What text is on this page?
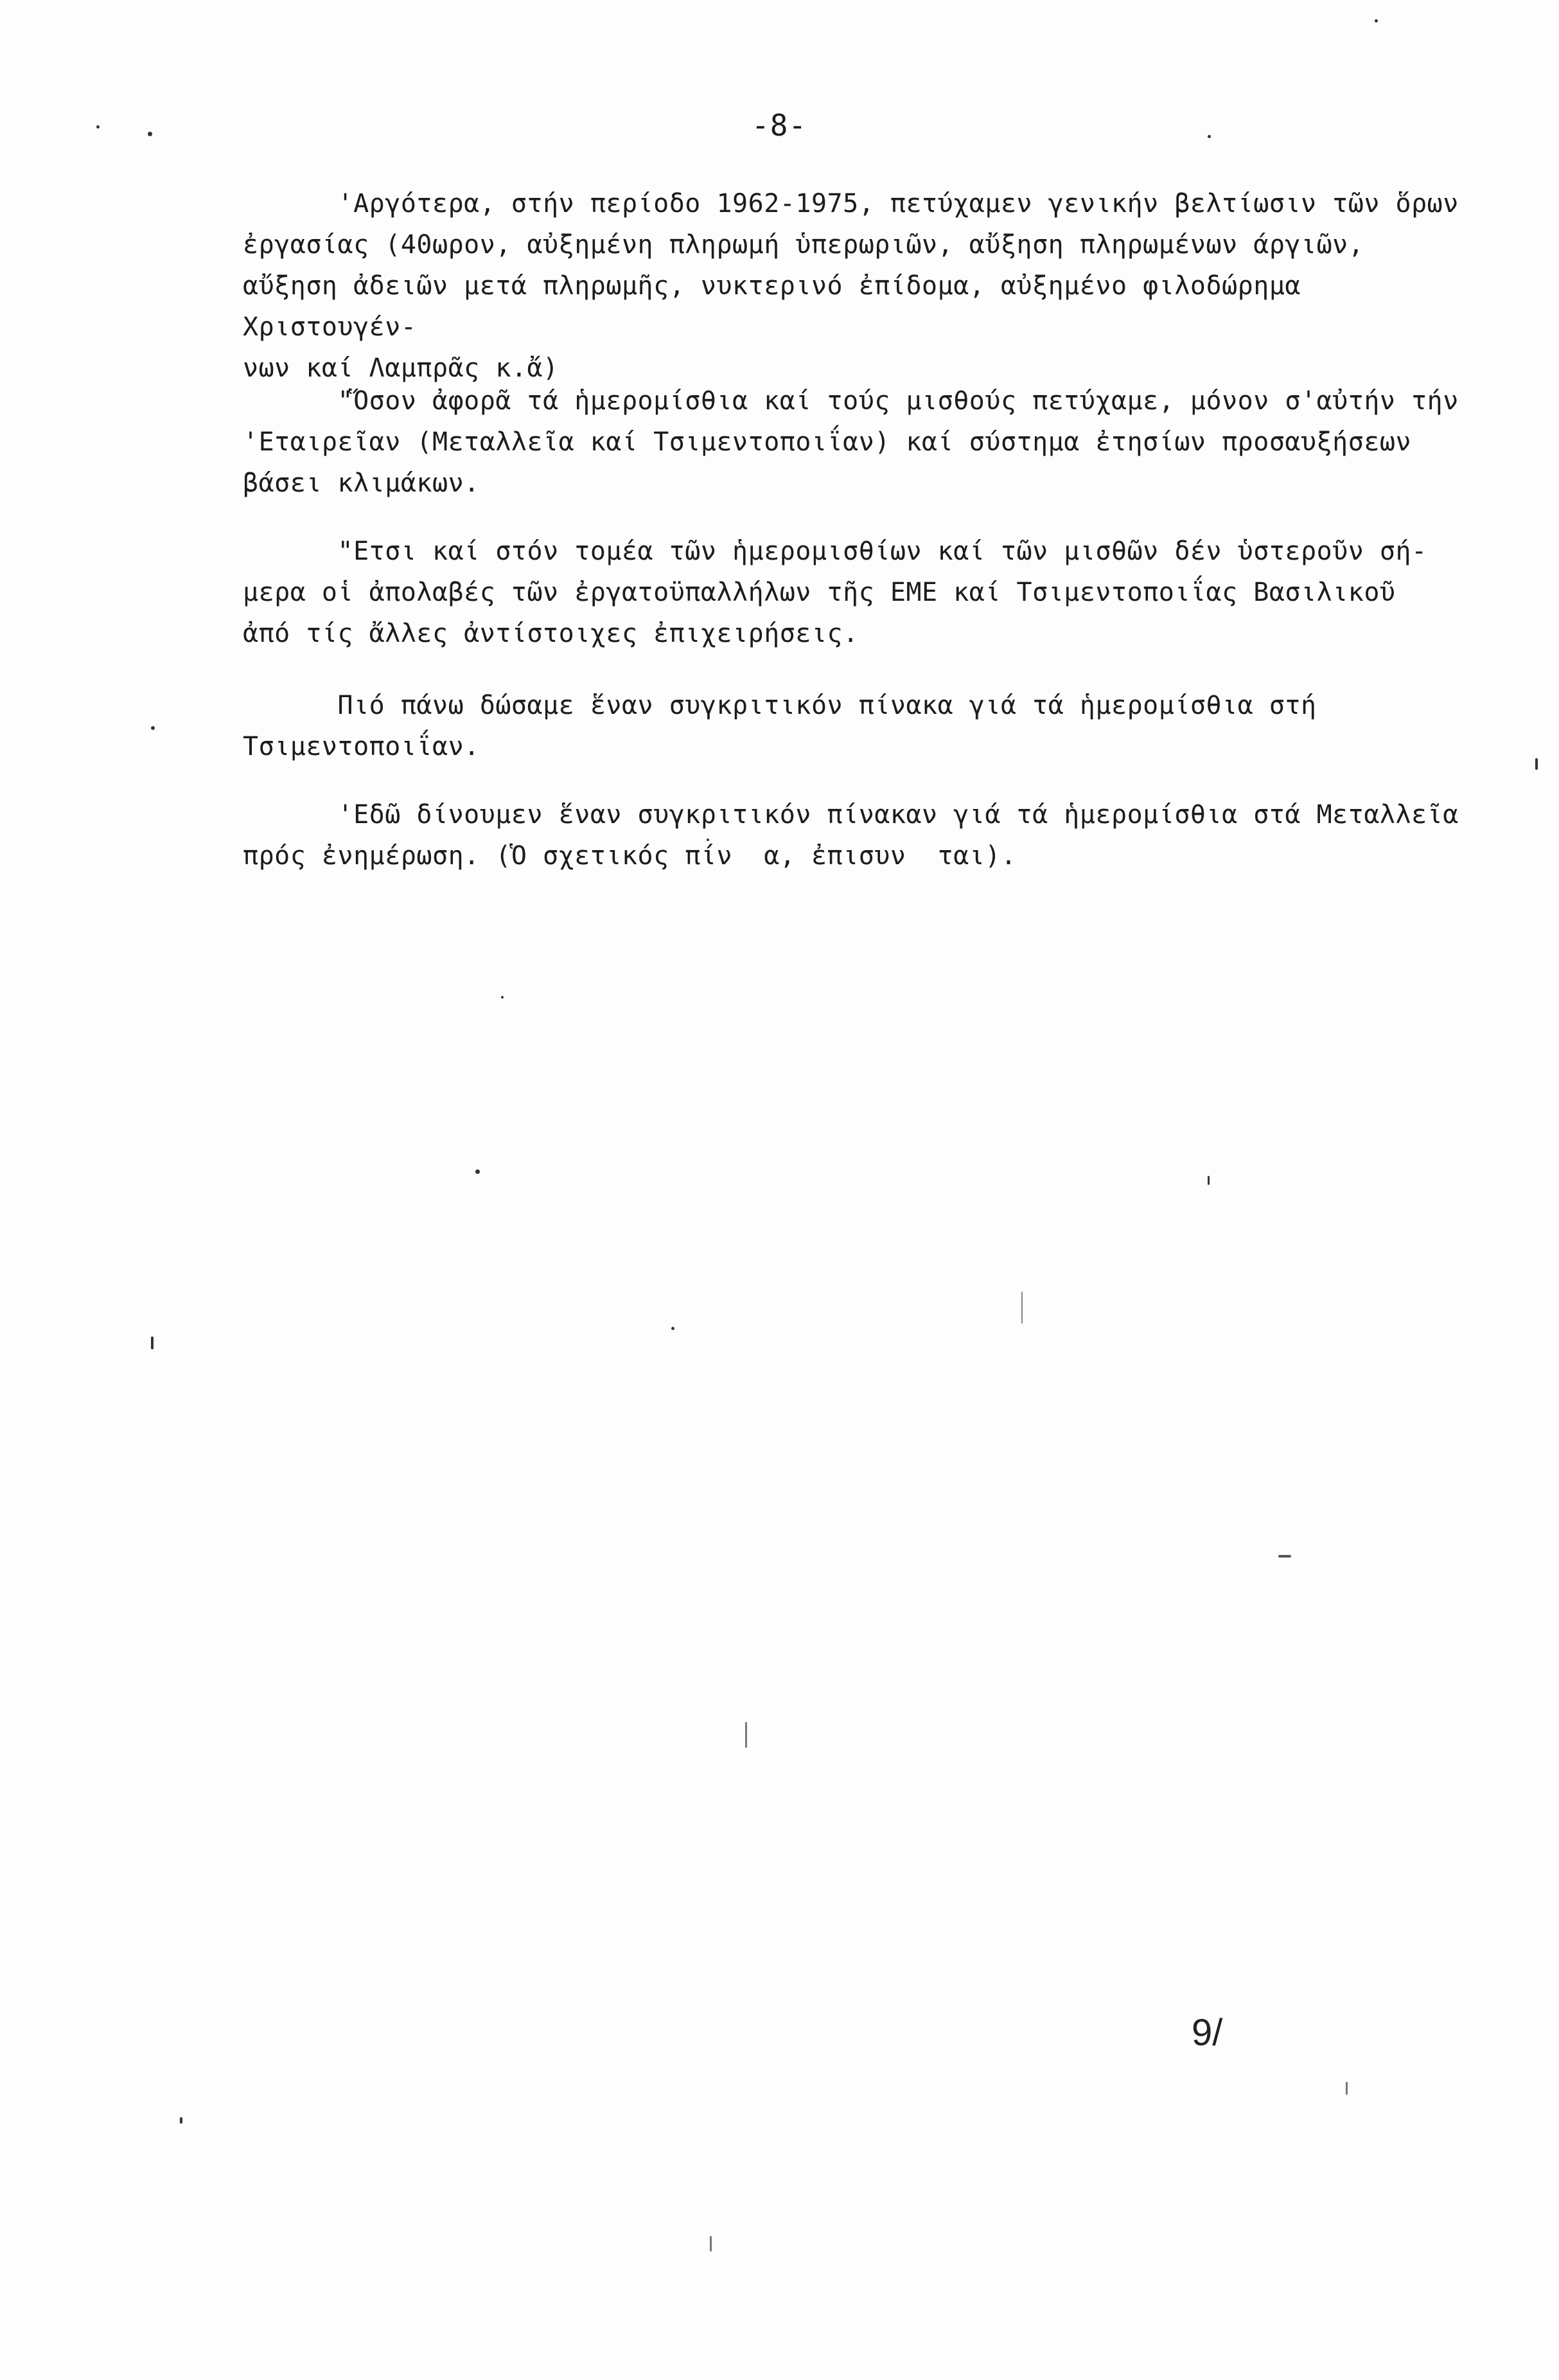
-8-

'Αργότερα, στήν περίοδο 1962-1975, πετύχαμεν γενικήν βελτίωσιν τῶν ὅρων
ἐργασίας (40ωρον, αὐξημένη πληρωμή ὑπερωριῶν, αὔξηση πληρωμένων άργιῶν,
αὔξηση ἀδειῶν μετά πληρωμῆς, νυκτερινό ἐπίδομα, αὐξημένο φιλοδώρημα Χριστουγέν-
νων καί Λαμπρᾶς κ.ἄ)

"Ὅσον ἀφορᾶ τά ἡμερομίσθια καί τούς μισθούς πετύχαμε, μόνον σ'αὐτήν τήν
'Εταιρεῖαν (Μεταλλεῖα καί Τσιμεντοποιΐαν) καί σύστημα ἐτησίων προσαυξήσεων
βάσει κλιμάκων.

"Ετσι καί στόν τομέα τῶν ἡμερομισθίων καί τῶν μισθῶν δέν ὑστεροῦν σή-
μερα οἱ ἀπολαβές τῶν ἐργατοϋπαλλήλων τῆς ΕΜΕ καί Τσιμεντοποιΐας Βασιλικοῦ
ἀπό τίς ἄλλες ἀντίστοιχες ἐπιχειρήσεις.

Πιό πάνω δώσαμε ἕναν συγκριτικόν πίνακα γιά τά ἡμερομίσθια στή
Τσιμεντοποιΐαν.

'Εδῶ δίνουμεν ἕναν συγκριτικόν πίνακαν γιά τά ἡμερομίσθια στά Μεταλλεῖα
πρός ἐνημέρωση. (Ὁ σχετικός πίν  α, ἐπισυν  ται).

9/
